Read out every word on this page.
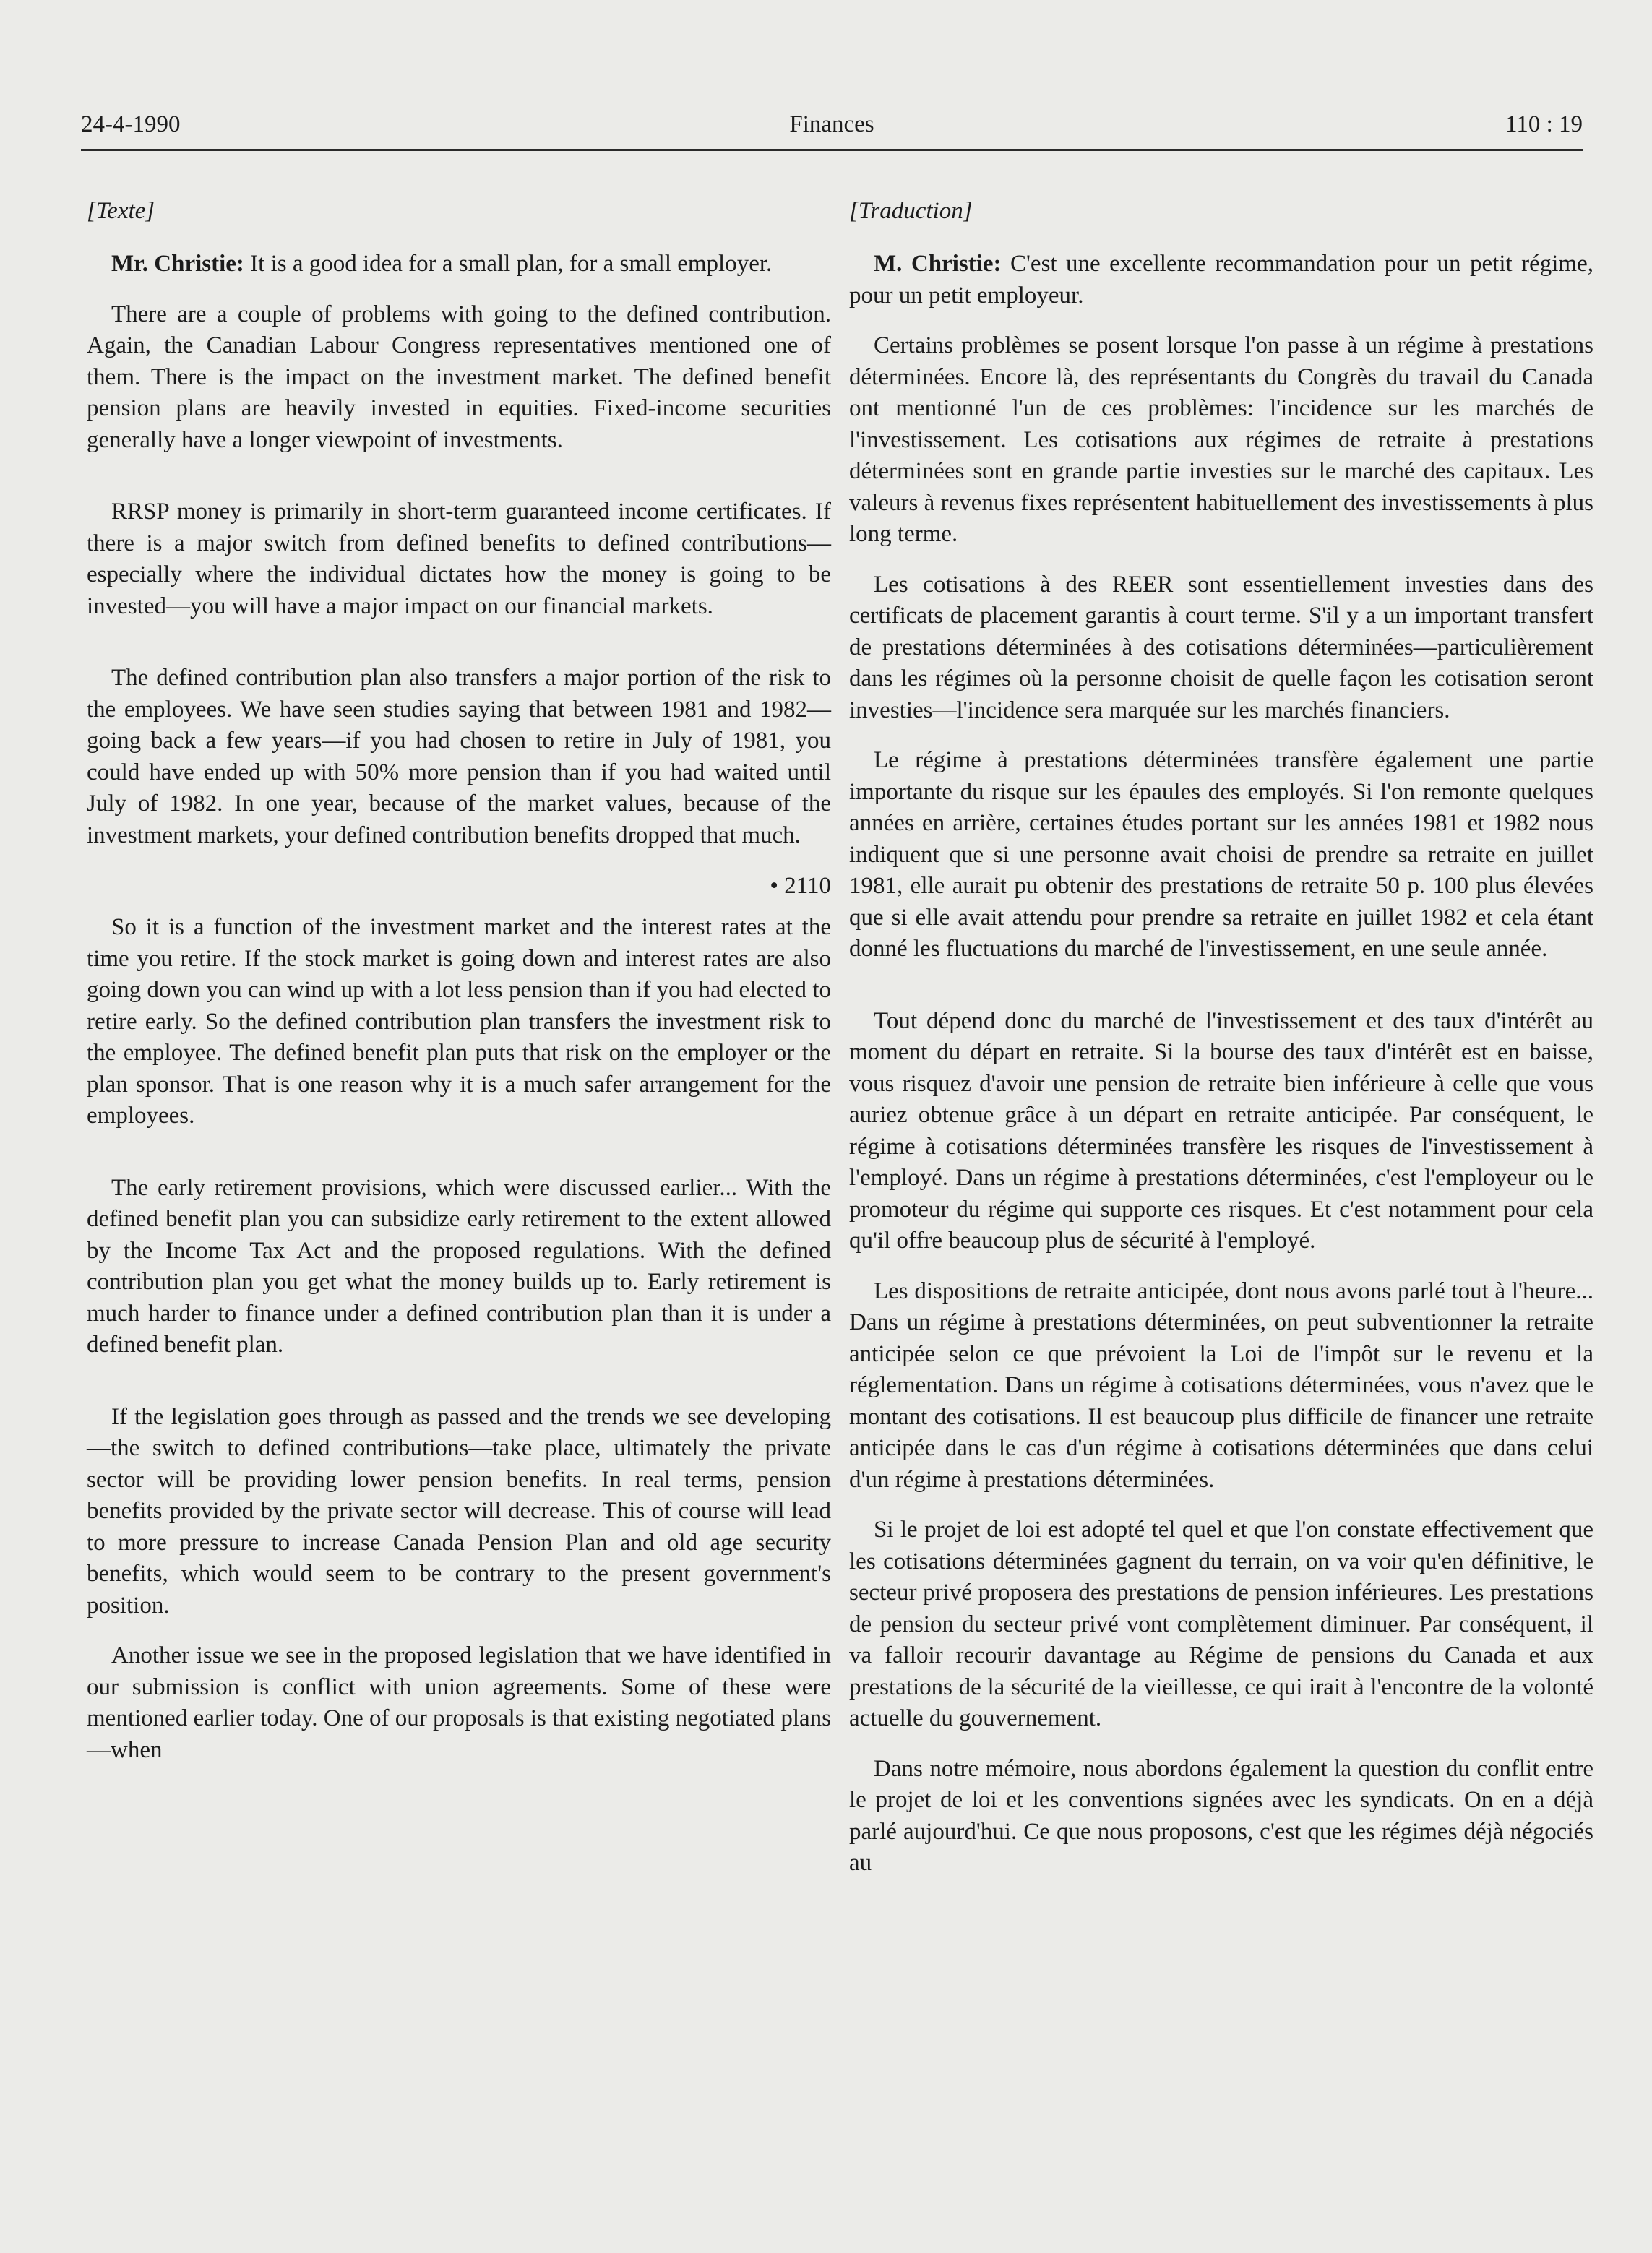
24-4-1990	Finances	110 : 19
[Texte]

Mr. Christie: It is a good idea for a small plan, for a small employer.

There are a couple of problems with going to the defined contribution. Again, the Canadian Labour Congress representatives mentioned one of them. There is the impact on the investment market. The defined benefit pension plans are heavily invested in equities. Fixed-income securities generally have a longer viewpoint of investments.

RRSP money is primarily in short-term guaranteed income certificates. If there is a major switch from defined benefits to defined contributions—especially where the individual dictates how the money is going to be invested—you will have a major impact on our financial markets.

The defined contribution plan also transfers a major portion of the risk to the employees. We have seen studies saying that between 1981 and 1982—going back a few years—if you had chosen to retire in July of 1981, you could have ended up with 50% more pension than if you had waited until July of 1982. In one year, because of the market values, because of the investment markets, your defined contribution benefits dropped that much.

• 2110

So it is a function of the investment market and the interest rates at the time you retire. If the stock market is going down and interest rates are also going down you can wind up with a lot less pension than if you had elected to retire early. So the defined contribution plan transfers the investment risk to the employee. The defined benefit plan puts that risk on the employer or the plan sponsor. That is one reason why it is a much safer arrangement for the employees.

The early retirement provisions, which were discussed earlier... With the defined benefit plan you can subsidize early retirement to the extent allowed by the Income Tax Act and the proposed regulations. With the defined contribution plan you get what the money builds up to. Early retirement is much harder to finance under a defined contribution plan than it is under a defined benefit plan.

If the legislation goes through as passed and the trends we see developing—the switch to defined contributions—take place, ultimately the private sector will be providing lower pension benefits. In real terms, pension benefits provided by the private sector will decrease. This of course will lead to more pressure to increase Canada Pension Plan and old age security benefits, which would seem to be contrary to the present government's position.

Another issue we see in the proposed legislation that we have identified in our submission is conflict with union agreements. Some of these were mentioned earlier today. One of our proposals is that existing negotiated plans—when

[Traduction]

M. Christie: C'est une excellente recommandation pour un petit régime, pour un petit employeur.

Certains problèmes se posent lorsque l'on passe à un régime à prestations déterminées. Encore là, des représentants du Congrès du travail du Canada ont mentionné l'un de ces problèmes: l'incidence sur les marchés de l'investissement. Les cotisations aux régimes de retraite à prestations déterminées sont en grande partie investies sur le marché des capitaux. Les valeurs à revenus fixes représentent habituellement des investissements à plus long terme.

Les cotisations à des REER sont essentiellement investies dans des certificats de placement garantis à court terme. S'il y a un important transfert de prestations déterminées à des cotisations déterminées—particulièrement dans les régimes où la personne choisit de quelle façon les cotisation seront investies—l'incidence sera marquée sur les marchés financiers.

Le régime à prestations déterminées transfère également une partie importante du risque sur les épaules des employés. Si l'on remonte quelques années en arrière, certaines études portant sur les années 1981 et 1982 nous indiquent que si une personne avait choisi de prendre sa retraite en juillet 1981, elle aurait pu obtenir des prestations de retraite 50 p. 100 plus élevées que si elle avait attendu pour prendre sa retraite en juillet 1982 et cela étant donné les fluctuations du marché de l'investissement, en une seule année.

Tout dépend donc du marché de l'investissement et des taux d'intérêt au moment du départ en retraite. Si la bourse des taux d'intérêt est en baisse, vous risquez d'avoir une pension de retraite bien inférieure à celle que vous auriez obtenue grâce à un départ en retraite anticipée. Par conséquent, le régime à cotisations déterminées transfère les risques de l'investissement à l'employé. Dans un régime à prestations déterminées, c'est l'employeur ou le promoteur du régime qui supporte ces risques. Et c'est notamment pour cela qu'il offre beaucoup plus de sécurité à l'employé.

Les dispositions de retraite anticipée, dont nous avons parlé tout à l'heure... Dans un régime à prestations déterminées, on peut subventionner la retraite anticipée selon ce que prévoient la Loi de l'impôt sur le revenu et la réglementation. Dans un régime à cotisations déterminées, vous n'avez que le montant des cotisations. Il est beaucoup plus difficile de financer une retraite anticipée dans le cas d'un régime à cotisations déterminées que dans celui d'un régime à prestations déterminées.

Si le projet de loi est adopté tel quel et que l'on constate effectivement que les cotisations déterminées gagnent du terrain, on va voir qu'en définitive, le secteur privé proposera des prestations de pension inférieures. Les prestations de pension du secteur privé vont complètement diminuer. Par conséquent, il va falloir recourir davantage au Régime de pensions du Canada et aux prestations de la sécurité de la vieillesse, ce qui irait à l'encontre de la volonté actuelle du gouvernement.

Dans notre mémoire, nous abordons également la question du conflit entre le projet de loi et les conventions signées avec les syndicats. On en a déjà parlé aujourd'hui. Ce que nous proposons, c'est que les régimes déjà négociés au
